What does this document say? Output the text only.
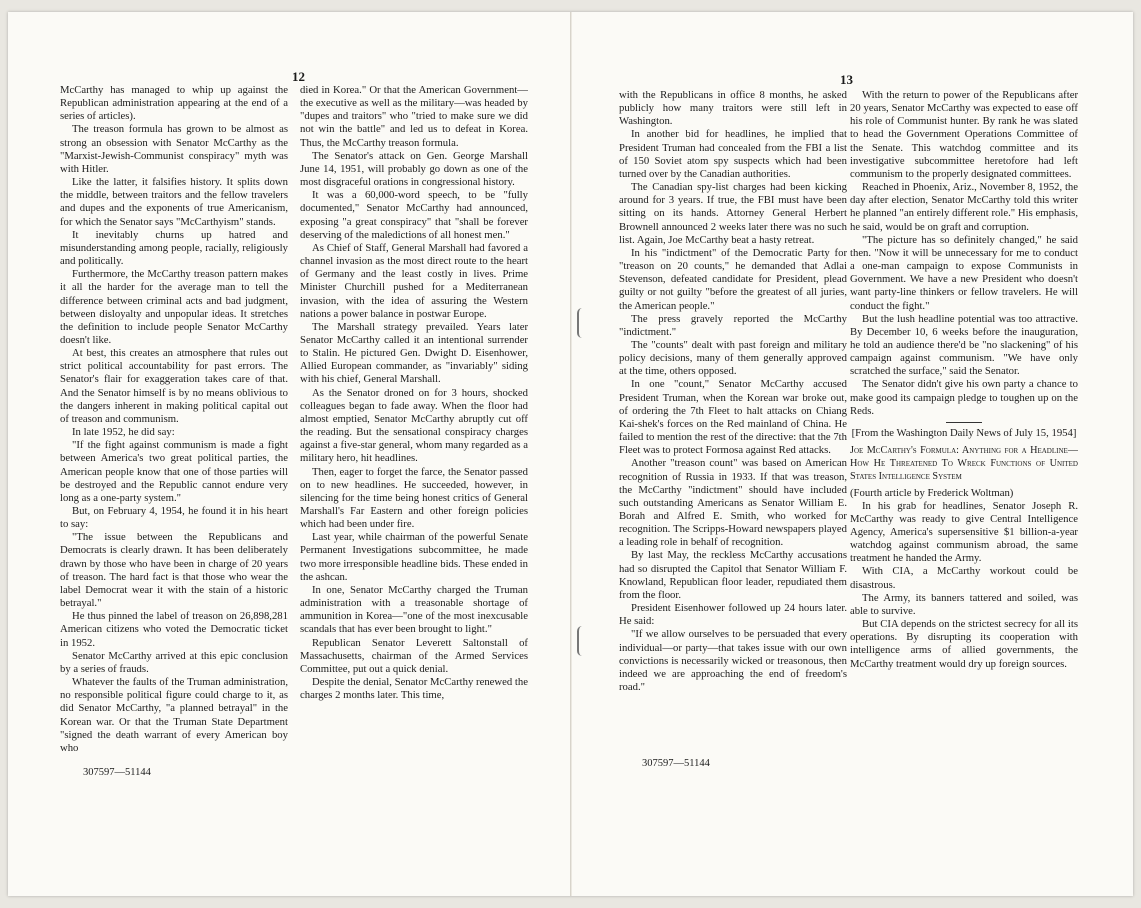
12

McCarthy has managed to whip up against the Republican administration appearing at the end of a series of articles).

The treason formula has grown to be almost as strong an obsession with Senator McCarthy as the "Marxist-Jewish-Communist conspiracy" myth was with Hitler.

Like the latter, it falsifies history. It splits down the middle, between traitors and the fellow travelers and dupes and the exponents of true Americanism, for which the Senator says "McCarthyism" stands.

It inevitably churns up hatred and misunderstanding among people, racially, religiously and politically.

Furthermore, the McCarthy treason pattern makes it all the harder for the average man to tell the difference between criminal acts and bad judgment, between disloyalty and unpopular ideas. It stretches the definition to include people Senator McCarthy doesn't like.

At best, this creates an atmosphere that rules out strict political accountability for past errors. The Senator's flair for exaggeration takes care of that. And the Senator himself is by no means oblivious to the dangers inherent in making political capital out of treason and communism.

In late 1952, he did say:

"If the fight against communism is made a fight between America's two great political parties, the American people know that one of those parties will be destroyed and the Republic cannot endure very long as a one-party system."

But, on February 4, 1954, he found it in his heart to say:

"The issue between the Republicans and Democrats is clearly drawn. It has been deliberately drawn by those who have been in charge of 20 years of treason. The hard fact is that those who wear the label Democrat wear it with the stain of a historic betrayal."

He thus pinned the label of treason on 26,898,281 American citizens who voted the Democratic ticket in 1952.

Senator McCarthy arrived at this epic conclusion by a series of frauds.

Whatever the faults of the Truman administration, no responsible political figure could charge to it, as did Senator McCarthy, "a planned betrayal" in the Korean war. Or that the Truman State Department "signed the death warrant of every American boy who

died in Korea." Or that the American Government—the executive as well as the military—was headed by "dupes and traitors" who "tried to make sure we did not win the battle" and led us to defeat in Korea. Thus, the McCarthy treason formula.

The Senator's attack on Gen. George Marshall June 14, 1951, will probably go down as one of the most disgraceful orations in congressional history.

It was a 60,000-word speech, to be "fully documented," Senator McCarthy had announced, exposing "a great conspiracy" that "shall be forever deserving of the maledictions of all honest men."

As Chief of Staff, General Marshall had favored a channel invasion as the most direct route to the heart of Germany and the least costly in lives. Prime Minister Churchill pushed for a Mediterranean invasion, with the idea of assuring the Western nations a power balance in postwar Europe.

The Marshall strategy prevailed. Years later Senator McCarthy called it an intentional surrender to Stalin. He pictured Gen. Dwight D. Eisenhower, Allied European commander, as "invariably" siding with his chief, General Marshall.

As the Senator droned on for 3 hours, shocked colleagues began to fade away. When the floor had almost emptied, Senator McCarthy abruptly cut off the reading. But the sensational conspiracy charges against a five-star general, whom many regarded as a military hero, hit headlines.

Then, eager to forget the farce, the Senator passed on to new headlines. He succeeded, however, in silencing for the time being honest critics of General Marshall's Far Eastern and other foreign policies which had been under fire.

Last year, while chairman of the powerful Senate Permanent Investigations subcommittee, he made two more irresponsible headline bids. These ended in the ashcan.

In one, Senator McCarthy charged the Truman administration with a treasonable shortage of ammunition in Korea—"one of the most inexcusable scandals that has ever been brought to light."

Republican Senator Leverett Saltonstall of Massachusetts, chairman of the Armed Services Committee, put out a quick denial.

Despite the denial, Senator McCarthy renewed the charges 2 months later. This time,

307597—51144
13

with the Republicans in office 8 months, he asked publicly how many traitors were still left in Washington.

In another bid for headlines, he implied that President Truman had concealed from the FBI a list of 150 Soviet atom spy suspects which had been turned over by the Canadian authorities.

The Canadian spy-list charges had been kicking around for 3 years. If true, the FBI must have been sitting on its hands. Attorney General Herbert Brownell announced 2 weeks later there was no such list. Again, Joe McCarthy beat a hasty retreat.

In his "indictment" of the Democratic Party for "treason on 20 counts," he demanded that Adlai Stevenson, defeated candidate for President, plead guilty or not guilty "before the greatest of all juries, the American people."

The press gravely reported the McCarthy "indictment."

The "counts" dealt with past foreign and military policy decisions, many of them generally approved at the time, others opposed.

In one "count," Senator McCarthy accused President Truman, when the Korean war broke out, of ordering the 7th Fleet to halt attacks on Chiang Kai-shek's forces on the Red mainland of China. He failed to mention the rest of the directive: that the 7th Fleet was to protect Formosa against Red attacks.

Another "treason count" was based on American recognition of Russia in 1933. If that was treason, the McCarthy "indictment" should have included such outstanding Americans as Senator William E. Borah and Alfred E. Smith, who worked for recognition. The Scripps-Howard newspapers played a leading role in behalf of recognition.

By last May, the reckless McCarthy accusations had so disrupted the Capitol that Senator William F. Knowland, Republican floor leader, repudiated them from the floor.

President Eisenhower followed up 24 hours later. He said:

"If we allow ourselves to be persuaded that every individual—or party—that takes issue with our own convictions is necessarily wicked or treasonous, then indeed we are approaching the end of freedom's road."

With the return to power of the Republicans after 20 years, Senator McCarthy was expected to ease off his role of Communist hunter. By rank he was slated to head the Government Operations Committee of the Senate. This watchdog committee and its investigative subcommittee heretofore had left communism to the properly designated committees.

Reached in Phoenix, Ariz., November 8, 1952, the day after election, Senator McCarthy told this writer he planned "an entirely different role." His emphasis, he said, would be on graft and corruption.

"The picture has so definitely changed," he said then. "Now it will be unnecessary for me to conduct a one-man campaign to expose Communists in Government. We have a new President who doesn't want party-line thinkers or fellow travelers. He will conduct the fight."

But the lush headline potential was too attractive. By December 10, 6 weeks before the inauguration, he told an audience there'd be "no slackening" of his campaign against communism. "We have only scratched the surface," said the Senator.

The Senator didn't give his own party a chance to make good its campaign pledge to toughen up on the Reds.

[From the Washington Daily News of July 15, 1954]

Joe McCarthy's Formula: Anything for a Headline—How He Threatened To Wreck Functions of United States Intelligence System

(Fourth article by Frederick Woltman)

In his grab for headlines, Senator Joseph R. McCarthy was ready to give Central Intelligence Agency, America's supersensitive $1 billion-a-year watchdog against communism abroad, the same treatment he handed the Army.

With CIA, a McCarthy workout could be disastrous.

The Army, its banners tattered and soiled, was able to survive.

But CIA depends on the strictest secrecy for all its operations. By disrupting its cooperation with intelligence arms of allied governments, the McCarthy treatment would dry up foreign sources.

307597—51144
